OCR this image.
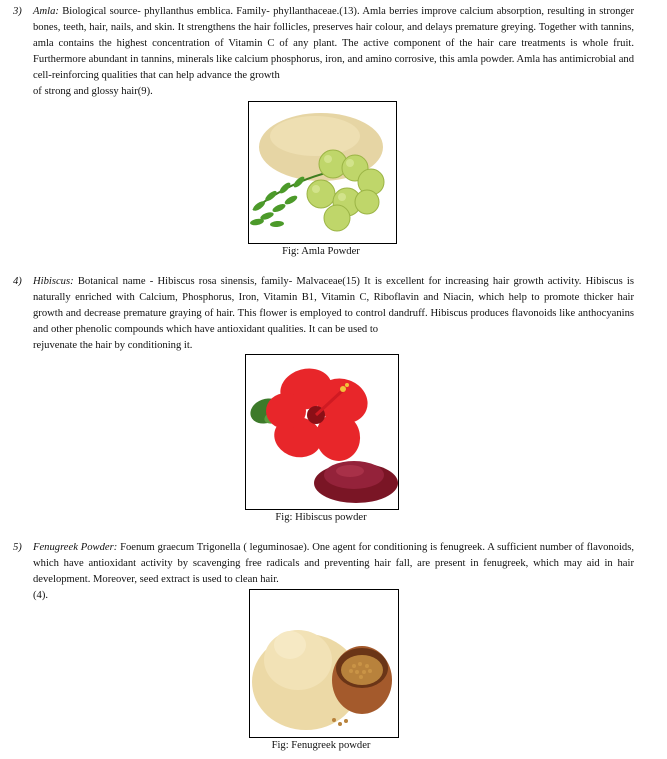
3) Amla: Biological source- phyllanthus emblica. Family- phyllanthaceae.(13). Amla berries improve calcium absorption, resulting in stronger bones, teeth, hair, nails, and skin. It strengthens the hair follicles, preserves hair colour, and delays premature greying. Together with tannins, amla contains the highest concentration of Vitamin C of any plant. The active component of the hair care treatments is whole fruit. Furthermore abundant in tannins, minerals like calcium phosphorus, iron, and amino corrosive, this amla powder. Amla has antimicrobial and cell-reinforcing qualities that can help advance the growth
of strong and glossy hair(9).
Fig: Amla Powder
4) Hibiscus: Botanical name - Hibiscus rosa sinensis, family- Malvaceae(15) It is excellent for increasing hair growth activity. Hibiscus is naturally enriched with Calcium, Phosphorus, Iron, Vitamin B1, Vitamin C, Riboflavin and Niacin, which help to promote thicker hair growth and decrease premature graying of hair. This flower is employed to control dandruff. Hibiscus produces flavonoids like anthocyanins and other phenolic compounds which have antioxidant qualities. It can be used to
rejuvenate the hair by conditioning it.
Fig: Hibiscus powder
5) Fenugreek Powder: Foenum graecum Trigonella ( leguminosae). One agent for conditioning is fenugreek. A sufficient number of flavonoids, which have antioxidant activity by scavenging free radicals and preventing hair fall, are present in fenugreek, which may aid in hair development. Moreover, seed extract is used to clean hair.
(4).
Fig: Fenugreek powder
